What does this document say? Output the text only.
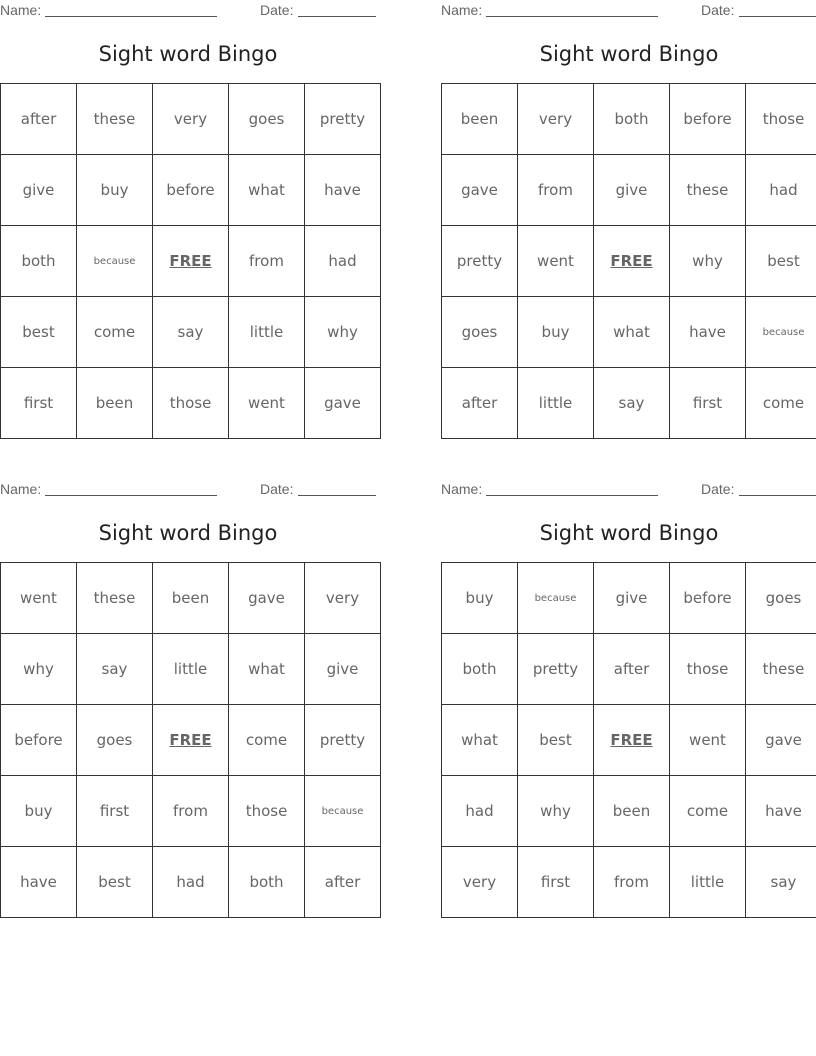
Name:	Date:
Sight word Bingo
after	these	very	goes	pretty
give	buy	before	what	have
both	because	FREE	from	had
best	come	say	little	why
first	been	those	went	gave
Name:	Date:
Sight word Bingo
been	very	both	before	those
gave	from	give	these	had
pretty	went	FREE	why	best
goes	buy	what	have	because
after	little	say	first	come
Name:	Date:
Sight word Bingo
went	these	been	gave	very
why	say	little	what	give
before	goes	FREE	come	pretty
buy	first	from	those	because
have	best	had	both	after
Name:	Date:
Sight word Bingo
buy	because	give	before	goes
both	pretty	after	those	these
what	best	FREE	went	gave
had	why	been	come	have
very	first	from	little	say
